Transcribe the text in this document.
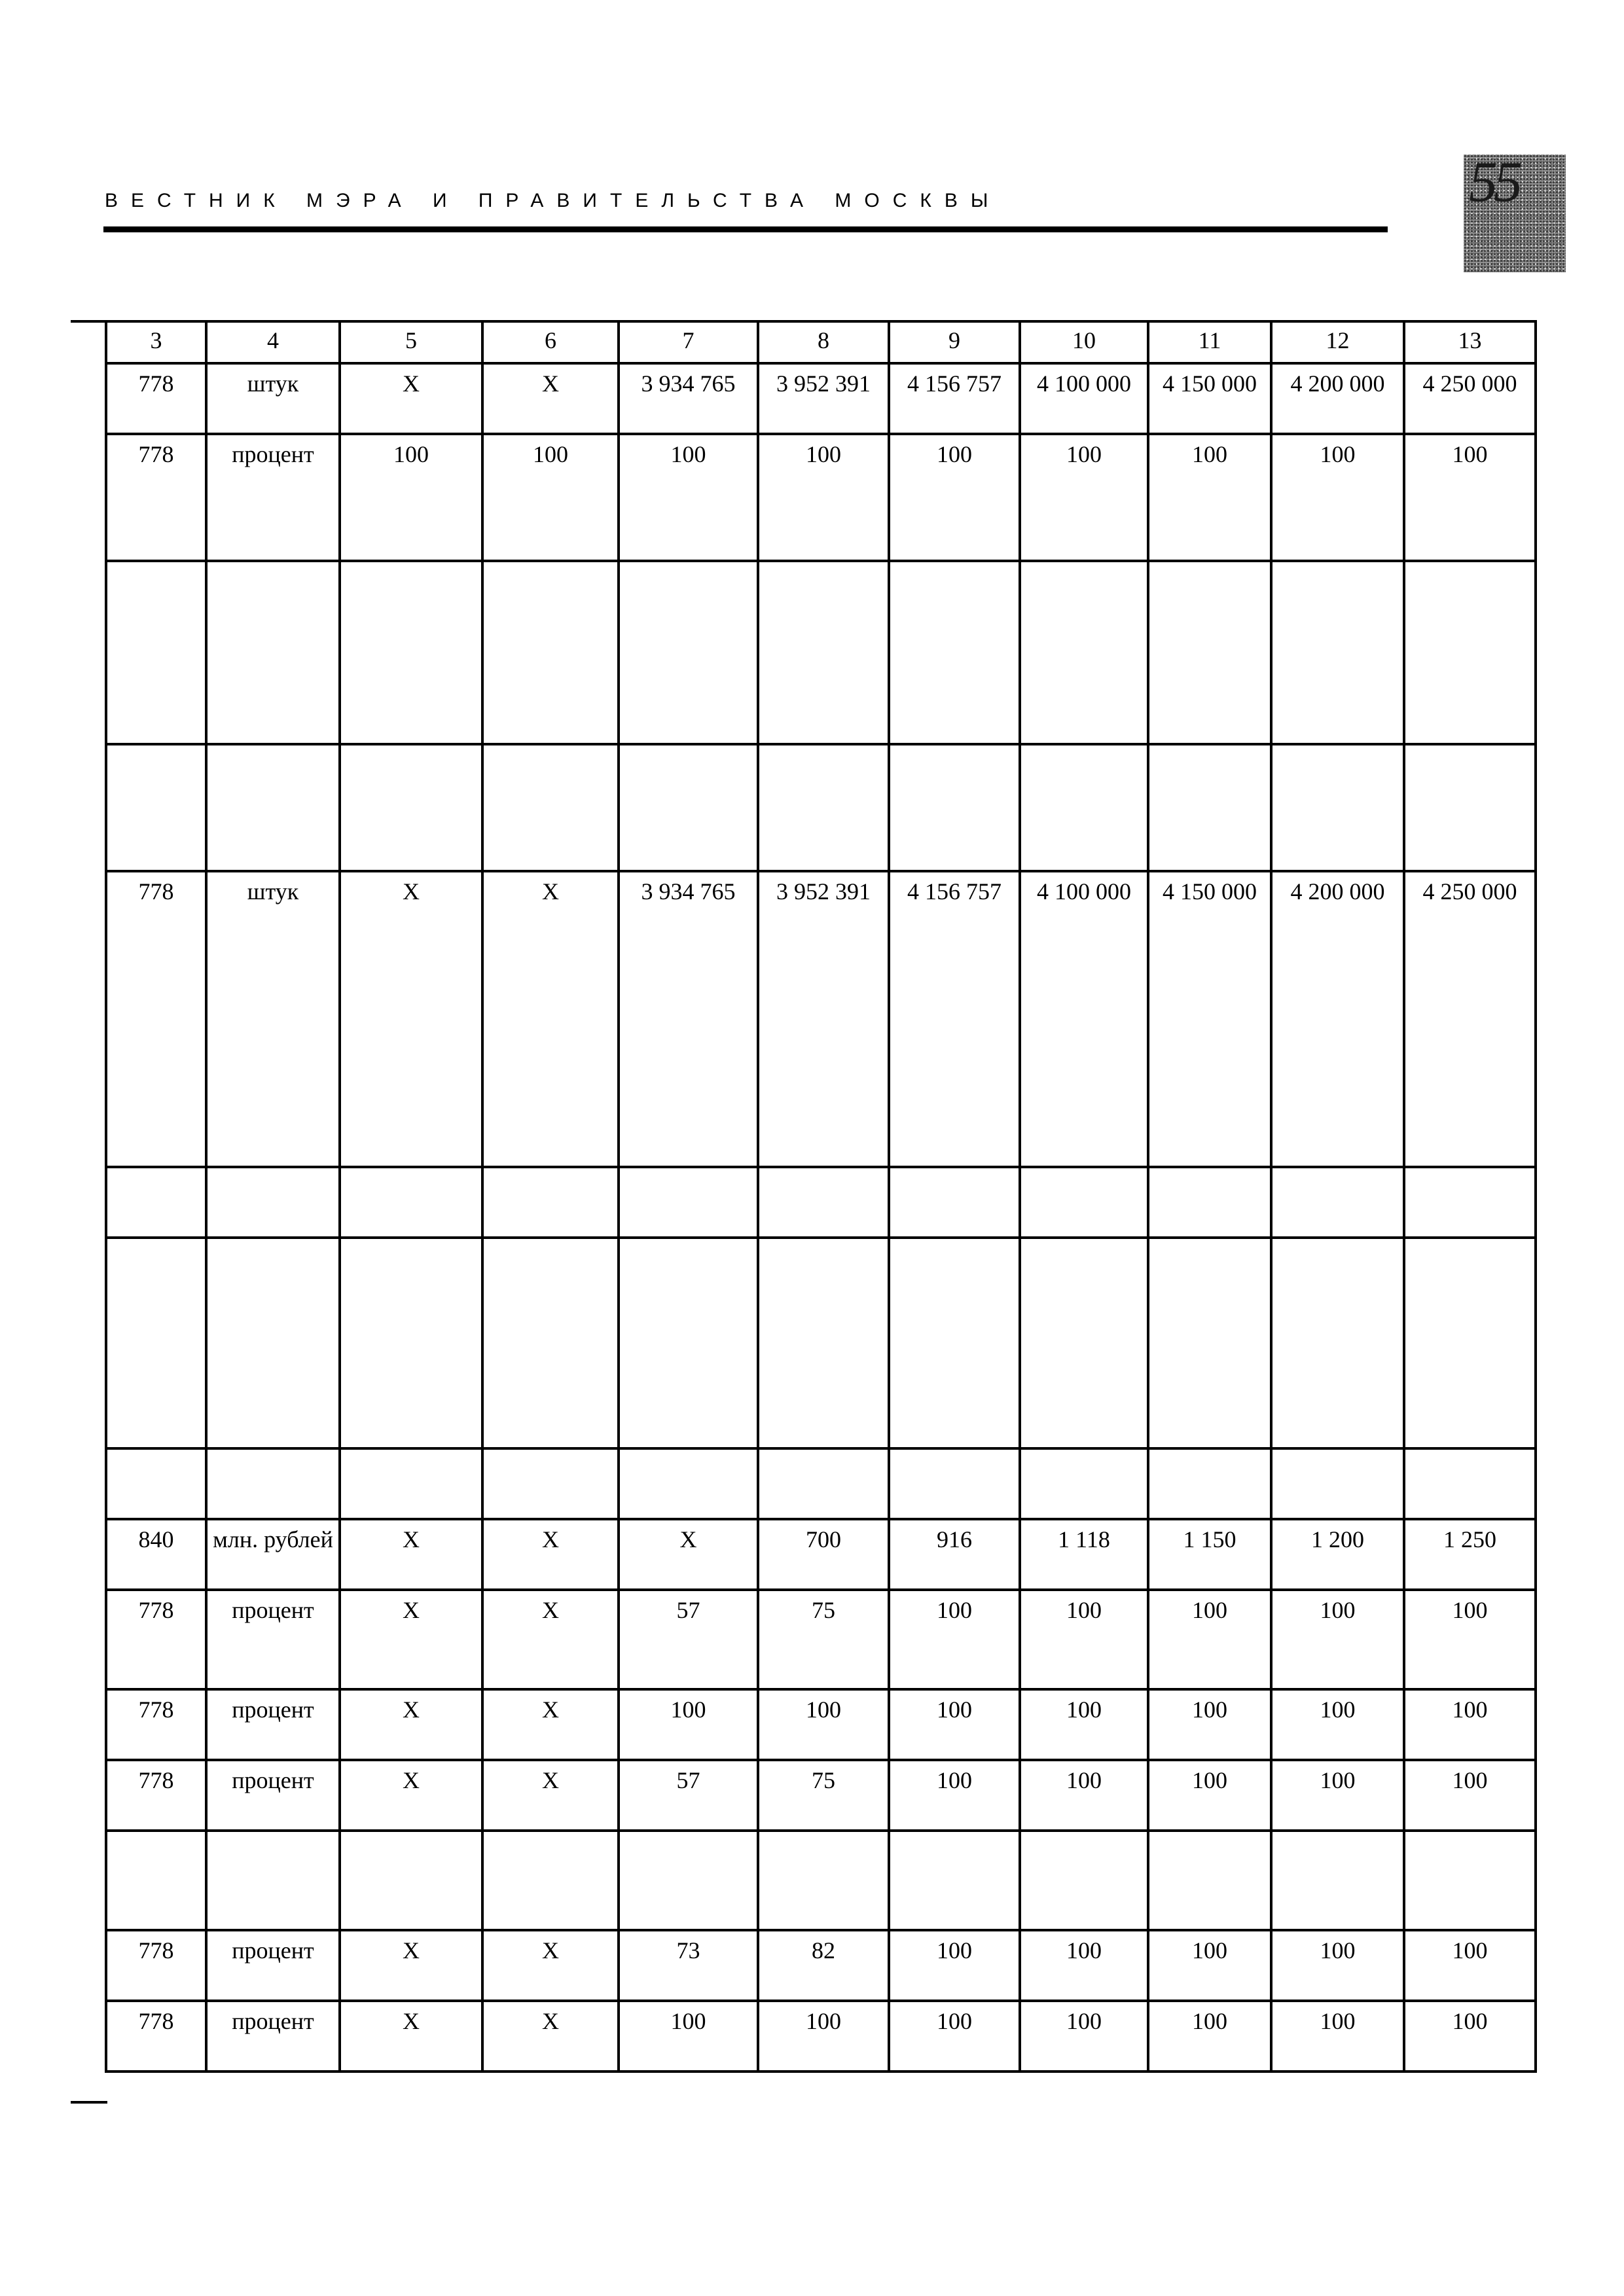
ВЕСТНИК МЭРА И ПРАВИТЕЛЬСТВА МОСКВЫ	55
3	4	5	6	7	8	9	10	11	12	13
778	штук	Х	Х	3 934 765	3 952 391	4 156 757	4 100 000	4 150 000	4 200 000	4 250 000
778	процент	100	100	100	100	100	100	100	100	100

778	штук	Х	Х	3 934 765	3 952 391	4 156 757	4 100 000	4 150 000	4 200 000	4 250 000

840	млн. рублей	Х	Х	Х	700	916	1 118	1 150	1 200	1 250
778	процент	Х	Х	57	75	100	100	100	100	100
778	процент	Х	Х	100	100	100	100	100	100	100
778	процент	Х	Х	57	75	100	100	100	100	100

778	процент	Х	Х	73	82	100	100	100	100	100
778	процент	Х	Х	100	100	100	100	100	100	100
